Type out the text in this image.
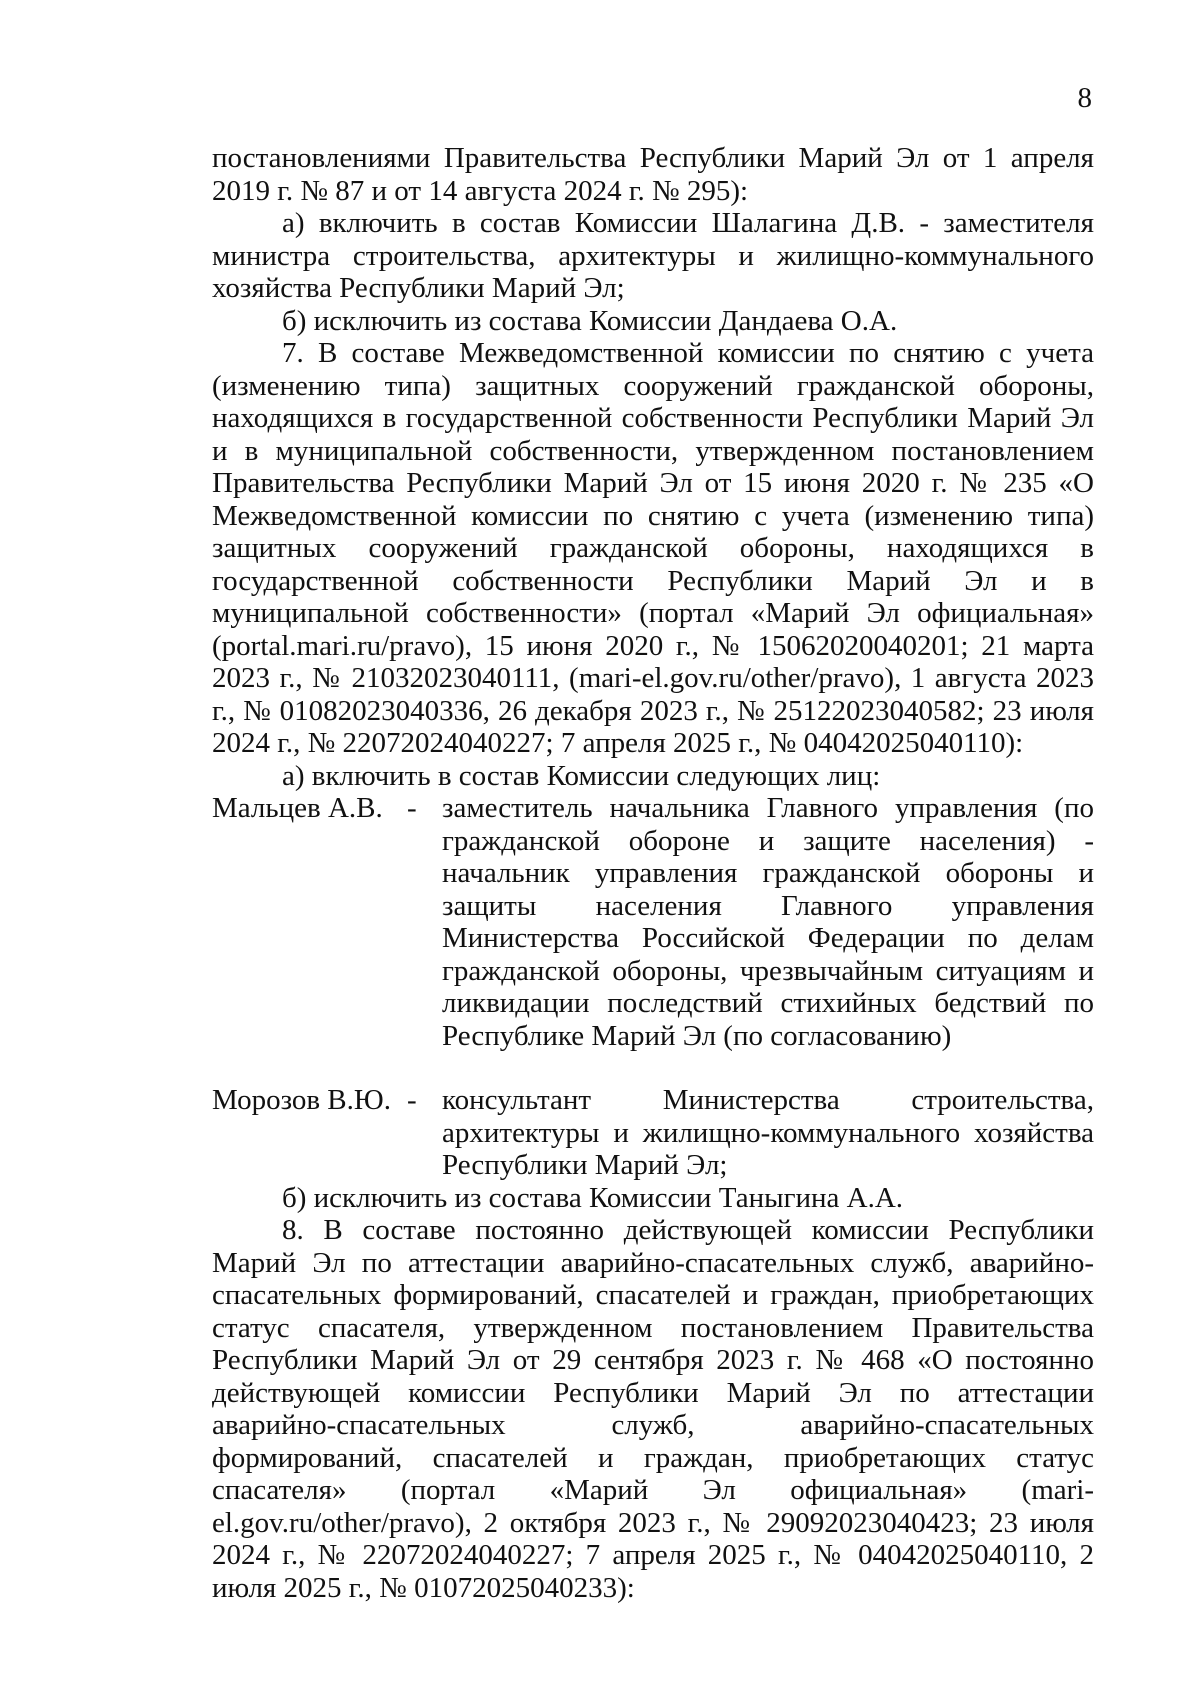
8

постановлениями Правительства Республики Марий Эл от 1 апреля 2019 г. № 87 и от 14 августа 2024 г. № 295):

а) включить в состав Комиссии Шалагина Д.В. - заместителя министра строительства, архитектуры и жилищно-коммунального хозяйства Республики Марий Эл;

б) исключить из состава Комиссии Дандаева О.А.

7. В составе Межведомственной комиссии по снятию с учета (изменению типа) защитных сооружений гражданской обороны, находящихся в государственной собственности Республики Марий Эл и в муниципальной собственности, утвержденном постановлением Правительства Республики Марий Эл от 15 июня 2020 г. № 235 «О Межведомственной комиссии по снятию с учета (изменению типа) защитных сооружений гражданской обороны, находящихся в государственной собственности Республики Марий Эл и в муниципальной собственности» (портал «Марий Эл официальная» (portal.mari.ru/pravo), 15 июня 2020 г., № 15062020040201; 21 марта 2023 г., № 21032023040111, (mari-el.gov.ru/other/pravo), 1 августа 2023 г., № 01082023040336, 26 декабря 2023 г., № 25122023040582; 23 июля 2024 г., № 22072024040227; 7 апреля 2025 г., № 04042025040110):

а) включить в состав Комиссии следующих лиц:

Мальцев А.В. - заместитель начальника Главного управления (по гражданской обороне и защите населения) - начальник управления гражданской обороны и защиты населения Главного управления Министерства Российской Федерации по делам гражданской обороны, чрезвычайным ситуациям и ликвидации последствий стихийных бедствий по Республике Марий Эл (по согласованию)
Морозов В.Ю. - консультант Министерства строительства, архитектуры и жилищно-коммунального хозяйства Республики Марий Эл;

б) исключить из состава Комиссии Таныгина А.А.

8. В составе постоянно действующей комиссии Республики Марий Эл по аттестации аварийно-спасательных служб, аварийно-спасательных формирований, спасателей и граждан, приобретающих статус спасателя, утвержденном постановлением Правительства Республики Марий Эл от 29 сентября 2023 г. № 468 «О постоянно действующей комиссии Республики Марий Эл по аттестации аварийно-спасательных служб, аварийно-спасательных формирований, спасателей и граждан, приобретающих статус спасателя» (портал «Марий Эл официальная» (mari-el.gov.ru/other/pravo), 2 октября 2023 г., № 29092023040423; 23 июля 2024 г., № 22072024040227; 7 апреля 2025 г., № 04042025040110, 2 июля 2025 г., № 01072025040233):
